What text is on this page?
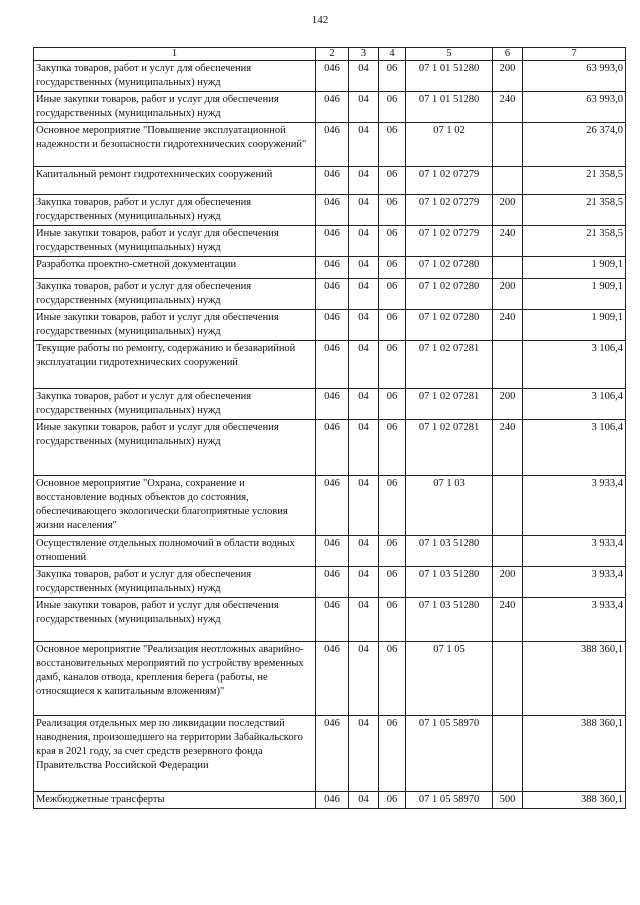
142
1	2	3	4	5	6	7
Закупка товаров, работ и услуг для обеспечения государственных (муниципальных) нужд	046	04	06	07 1 01 51280	200	63 993,0
Иные закупки товаров, работ и услуг для обеспечения государственных (муниципальных) нужд	046	04	06	07 1 01 51280	240	63 993,0
Основное мероприятие "Повышение эксплуатационной надежности и безопасности гидротехнических сооружений"	046	04	06	07 1 02		26 374,0
Капитальный ремонт гидротехнических сооружений	046	04	06	07 1 02 07279		21 358,5
Закупка товаров, работ и услуг для обеспечения государственных (муниципальных) нужд	046	04	06	07 1 02 07279	200	21 358,5
Иные закупки товаров, работ и услуг для обеспечения государственных (муниципальных) нужд	046	04	06	07 1 02 07279	240	21 358,5
Разработка проектно-сметной документации	046	04	06	07 1 02 07280		1 909,1
Закупка товаров, работ и услуг для обеспечения государственных (муниципальных) нужд	046	04	06	07 1 02 07280	200	1 909,1
Иные закупки товаров, работ и услуг для обеспечения государственных (муниципальных) нужд	046	04	06	07 1 02 07280	240	1 909,1
Текущие работы по ремонту, содержанию и безаварийной эксплуатации гидротехнических сооружений	046	04	06	07 1 02 07281		3 106,4
Закупка товаров, работ и услуг для обеспечения государственных (муниципальных) нужд	046	04	06	07 1 02 07281	200	3 106,4
Иные закупки товаров, работ и услуг для обеспечения государственных (муниципальных) нужд	046	04	06	07 1 02 07281	240	3 106,4
Основное мероприятие "Охрана, сохранение и восстановление водных объектов до состояния, обеспечивающего экологически благоприятные условия жизни населения"	046	04	06	07 1 03		3 933,4
Осуществление отдельных полномочий в области водных отношений	046	04	06	07 1 03 51280		3 933,4
Закупка товаров, работ и услуг для обеспечения государственных (муниципальных) нужд	046	04	06	07 1 03 51280	200	3 933,4
Иные закупки товаров, работ и услуг для обеспечения государственных (муниципальных) нужд	046	04	06	07 1 03 51280	240	3 933,4
Основное мероприятие "Реализация неотложных аварийно-восстановительных мероприятий по устройству временных дамб, каналов отвода, крепления берега (работы, не относящиеся к капитальным вложениям)"	046	04	06	07 1 05		388 360,1
Реализация отдельных мер по ликвидации последствий наводнения, произошедшего на территории Забайкальского края в 2021 году, за счет средств резервного фонда Правительства Российской Федерации	046	04	06	07 1 05 58970		388 360,1
Межбюджетные трансферты	046	04	06	07 1 05 58970	500	388 360,1
